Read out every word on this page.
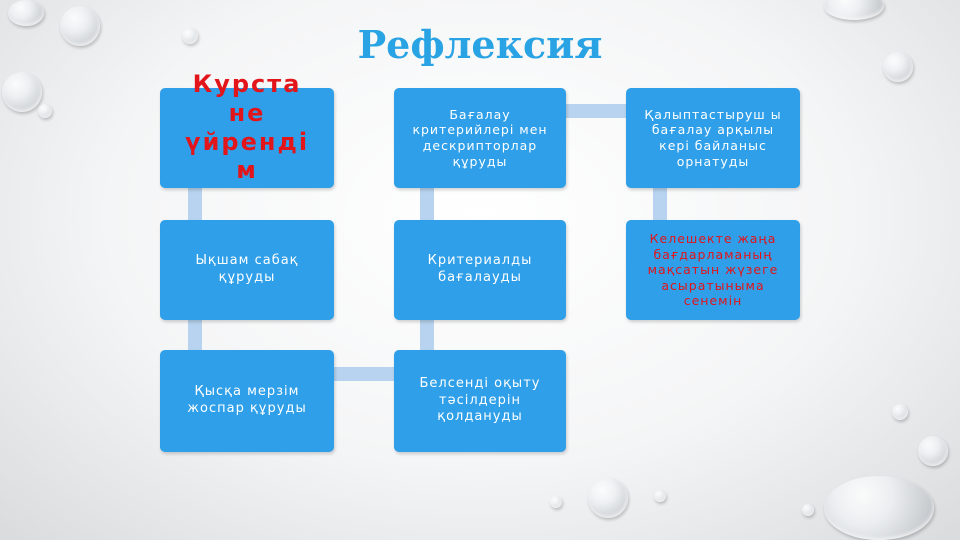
Рефлексия
Курста не үйренді м
Ықшам сабақ құруды
Қысқа мерзім жоспар құруды
Белсенді оқыту тәсілдерін қолдануды
Критериалды бағалауды
Бағалау критерийлері мен дескрипторлар құруды
Қалыптастыруш ы бағалау арқылы кері байланыс орнатуды
Келешекте жаңа бағдарламаның мақсатын жүзеге асыратыныма сенемін
